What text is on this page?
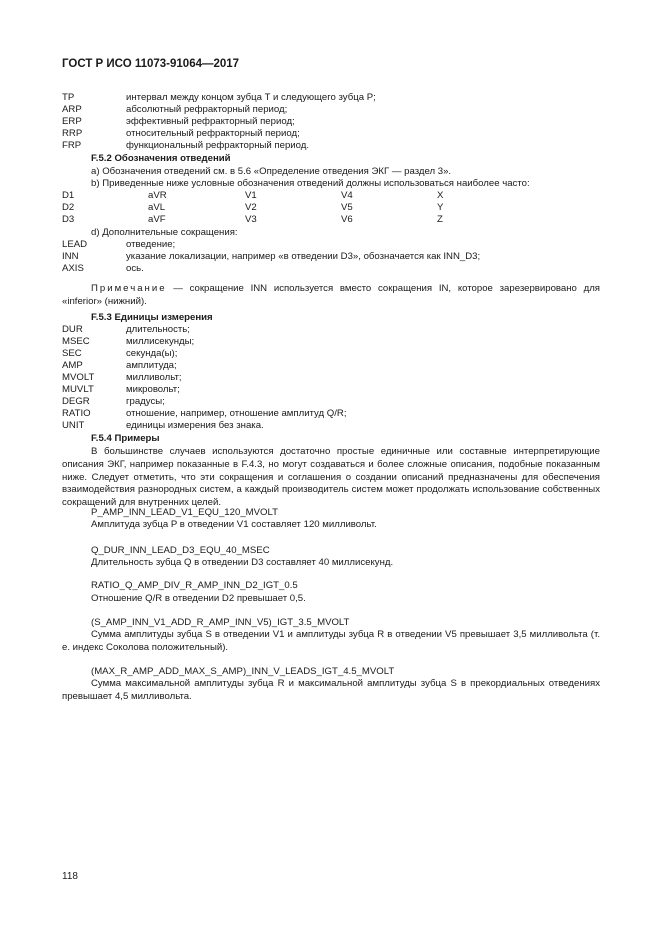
ГОСТ Р ИСО 11073-91064—2017
TP	интервал между концом зубца T и следующего зубца P;
ARP	абсолютный рефракторный период;
ERP	эффективный рефракторный период;
RRP	относительный рефракторный период;
FRP	функциональный рефракторный период.
F.5.2 Обозначения отведений
a) Обозначения отведений см. в 5.6 «Определение отведения ЭКГ — раздел 3».
b) Приведенные ниже условные обозначения отведений должны использоваться наиболее часто:
D1	aVR	V1	V4	X
D2	aVL	V2	V5	Y
D3	aVF	V3	V6	Z
d) Дополнительные сокращения:
LEAD	отведение;
INN	указание локализации, например «в отведении D3», обозначается как INN_D3;
AXIS	ось.
Примечание — сокращение INN используется вместо сокращения IN, которое зарезервировано для «inferior» (нижний).
F.5.3 Единицы измерения
DUR	длительность;
MSEC	миллисекунды;
SEC	секунда(ы);
AMP	амплитуда;
MVOLT	милливольт;
MUVLT	микровольт;
DEGR	градусы;
RATIO	отношение, например, отношение амплитуд Q/R;
UNIT	единицы измерения без знака.
F.5.4 Примеры
В большинстве случаев используются достаточно простые единичные или составные интерпретирующие описания ЭКГ, например показанные в F.4.3, но могут создаваться и более сложные описания, подобные показанным ниже. Следует отметить, что эти сокращения и соглашения о создании описаний предназначены для обеспечения взаимодействия разнородных систем, а каждый производитель систем может продолжать использование собственных сокращений для внутренних целей.
P_AMP_INN_LEAD_V1_EQU_120_MVOLT
Амплитуда зубца P в отведении V1 составляет 120 милливольт.
Q_DUR_INN_LEAD_D3_EQU_40_MSEC
Длительность зубца Q в отведении D3 составляет 40 миллисекунд.
RATIO_Q_AMP_DIV_R_AMP_INN_D2_IGT_0.5
Отношение Q/R в отведении D2 превышает 0,5.
(S_AMP_INN_V1_ADD_R_AMP_INN_V5)_IGT_3.5_MVOLT
Сумма амплитуды зубца S в отведении V1 и амплитуды зубца R в отведении V5 превышает 3,5 милливольта (т. е. индекс Соколова положительный).
(MAX_R_AMP_ADD_MAX_S_AMP)_INN_V_LEADS_IGT_4.5_MVOLT
Сумма максимальной амплитуды зубца R и максимальной амплитуды зубца S в прекордиальных отведениях превышает 4,5 милливольта.
118
